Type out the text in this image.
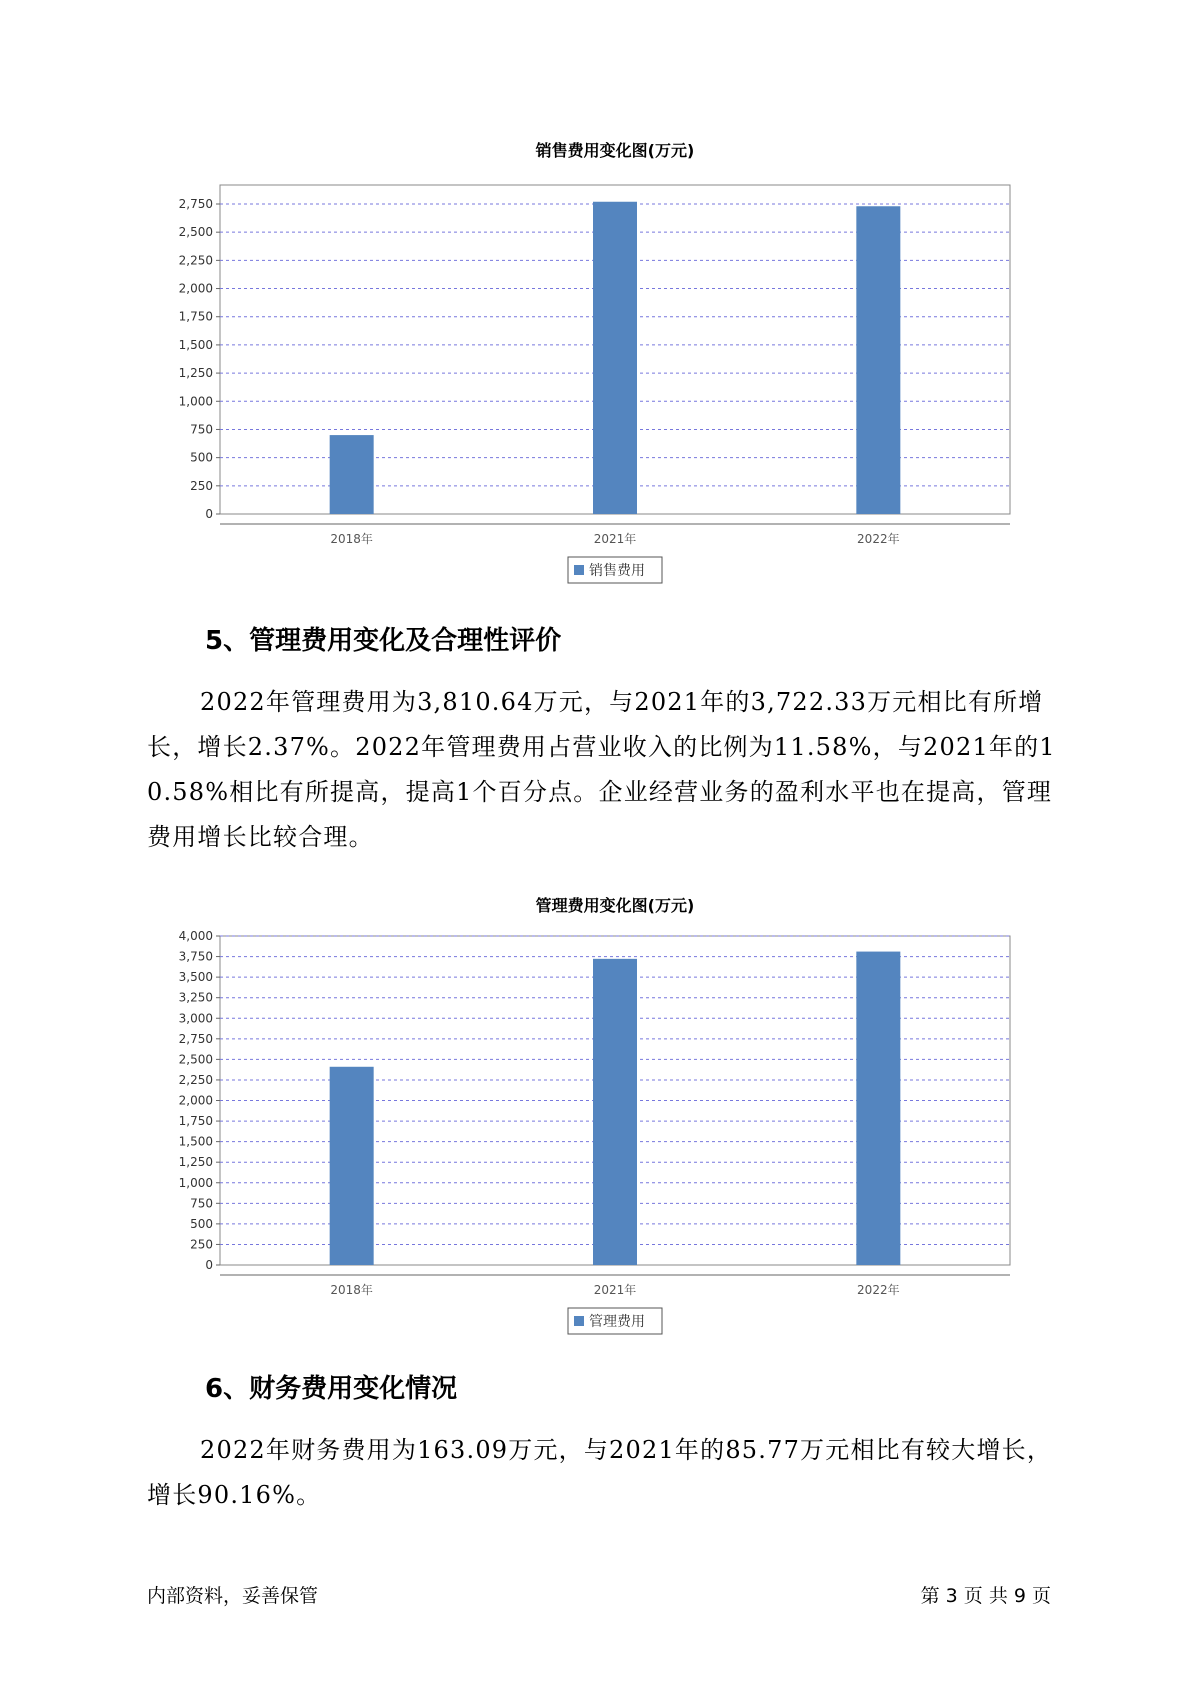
销售费用变化图(万元)
0
250
500
750
1,000
1,250
1,500
1,750
2,000
2,250
2,500
2,750
2018年	2021年	2022年
销售费用
5、管理费用变化及合理性评价

2022年管理费用为3,810.64万元，与2021年的3,722.33万元相比有所增长，增长2.37%。2022年管理费用占营业收入的比例为11.58%，与2021年的10.58%相比有所提高，提高1个百分点。企业经营业务的盈利水平也在提高，管理费用增长比较合理。

管理费用变化图(万元)
0
250
500
750
1,000
1,250
1,500
1,750
2,000
2,250
2,500
2,750
3,000
3,250
3,500
3,750
4,000
2018年	2021年	2022年
管理费用
6、财务费用变化情况

2022年财务费用为163.09万元，与2021年的85.77万元相比有较大增长，增长90.16%。

内部资料，妥善保管	第 3 页 共 9 页
